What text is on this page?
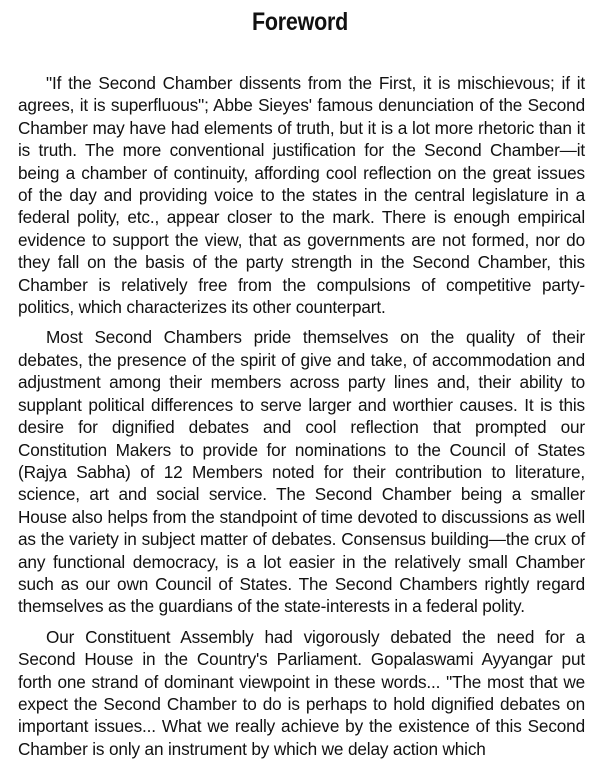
Foreword

"If the Second Chamber dissents from the First, it is mischievous; if it agrees, it is superfluous"; Abbe Sieyes' famous denunciation of the Second Chamber may have had elements of truth, but it is a lot more rhetoric than it is truth. The more conventional justification for the Second Chamber—it being a chamber of continuity, affording cool reflection on the great issues of the day and providing voice to the states in the central legislature in a federal polity, etc., appear closer to the mark. There is enough empirical evidence to support the view, that as governments are not formed, nor do they fall on the basis of the party strength in the Second Chamber, this Chamber is relatively free from the compulsions of competitive party-politics, which characterizes its other counterpart.

Most Second Chambers pride themselves on the quality of their debates, the presence of the spirit of give and take, of accommodation and adjustment among their members across party lines and, their ability to supplant political differences to serve larger and worthier causes. It is this desire for dignified debates and cool reflection that prompted our Constitution Makers to provide for nominations to the Council of States (Rajya Sabha) of 12 Members noted for their contribution to literature, science, art and social service. The Second Chamber being a smaller House also helps from the standpoint of time devoted to discussions as well as the variety in subject matter of debates. Consensus building—the crux of any functional democracy, is a lot easier in the relatively small Chamber such as our own Council of States. The Second Chambers rightly regard themselves as the guardians of the state-interests in a federal polity.

Our Constituent Assembly had vigorously debated the need for a Second House in the Country's Parliament. Gopalaswami Ayyangar put forth one strand of dominant viewpoint in these words... "The most that we expect the Second Chamber to do is perhaps to hold dignified debates on important issues... What we really achieve by the existence of this Second Chamber is only an instrument by which we delay action which
